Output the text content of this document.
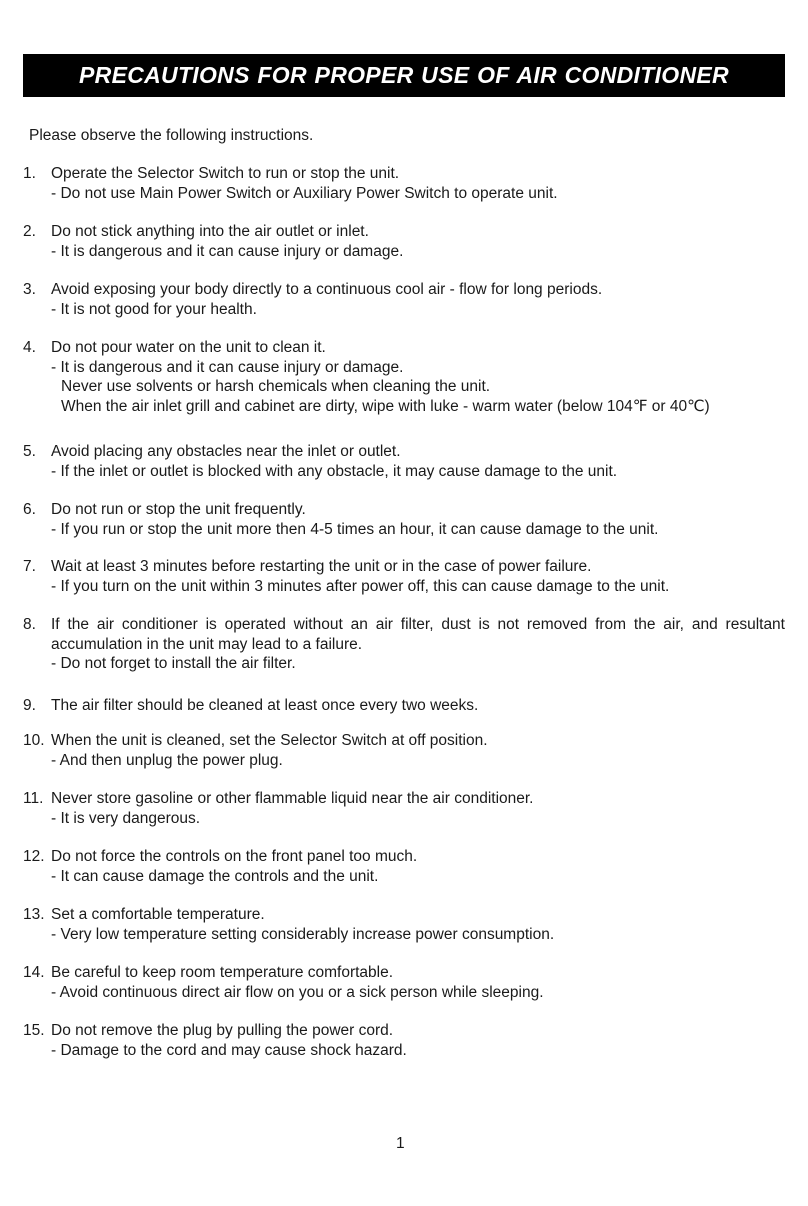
PRECAUTIONS FOR PROPER USE OF AIR CONDITIONER
Please observe the following instructions.
1. Operate the Selector Switch to run or stop the unit.
- Do not use Main Power Switch or Auxiliary Power Switch to operate unit.
2. Do not stick anything into the air outlet or inlet.
- It is dangerous and it can cause injury or damage.
3. Avoid exposing your body directly to a continuous cool air - flow for long periods.
- It is not good for your health.
4. Do not pour water on the unit to clean it.
- It is dangerous and it can cause injury or damage.
Never use solvents or harsh chemicals when cleaning the unit.
When the air inlet grill and cabinet are dirty, wipe with luke - warm water (below 104℉ or 40℃)
5. Avoid placing any obstacles near the inlet or outlet.
- If the inlet or outlet is blocked with any obstacle, it may cause damage to the unit.
6. Do not run or stop the unit frequently.
- If you run or stop the unit more then 4-5 times an hour, it can cause damage to the unit.
7. Wait at least 3 minutes before restarting the unit or in the case of power failure.
- If you turn on the unit within 3 minutes after power off, this can cause damage to the unit.
8. If the air conditioner is operated without an air filter, dust is not removed from the air, and resultant
accumulation in the unit may lead to a failure.
- Do not forget to install the air filter.
9. The air filter should be cleaned at least once every two weeks.
10. When the unit is cleaned, set the Selector Switch at off position.
- And then unplug the power plug.
11. Never store gasoline or other flammable liquid near the air conditioner.
- It is very dangerous.
12. Do not force the controls on the front panel too much.
- It can cause damage the controls and the unit.
13. Set a comfortable temperature.
- Very low temperature setting considerably increase power consumption.
14. Be careful to keep room temperature comfortable.
- Avoid continuous direct air flow on you or a sick person while sleeping.
15. Do not remove the plug by pulling the power cord.
- Damage to the cord and may cause shock hazard.
1
